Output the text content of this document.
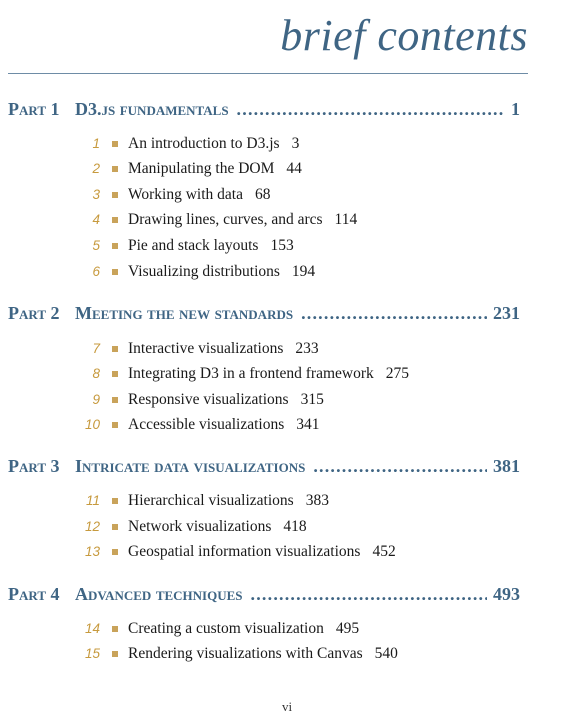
brief contents
Part 1 D3.js fundamentals .....	1
1 An introduction to D3.js 3
2 Manipulating the DOM 44
3 Working with data 68
4 Drawing lines, curves, and arcs 114
5 Pie and stack layouts 153
6 Visualizing distributions 194
Part 2 Meeting the new standards .....	231
7 Interactive visualizations 233
8 Integrating D3 in a frontend framework 275
9 Responsive visualizations 315
10 Accessible visualizations 341
Part 3 Intricate data visualizations .....	381
11 Hierarchical visualizations 383
12 Network visualizations 418
13 Geospatial information visualizations 452
Part 4 Advanced techniques .....	493
14 Creating a custom visualization 495
15 Rendering visualizations with Canvas 540
vi
